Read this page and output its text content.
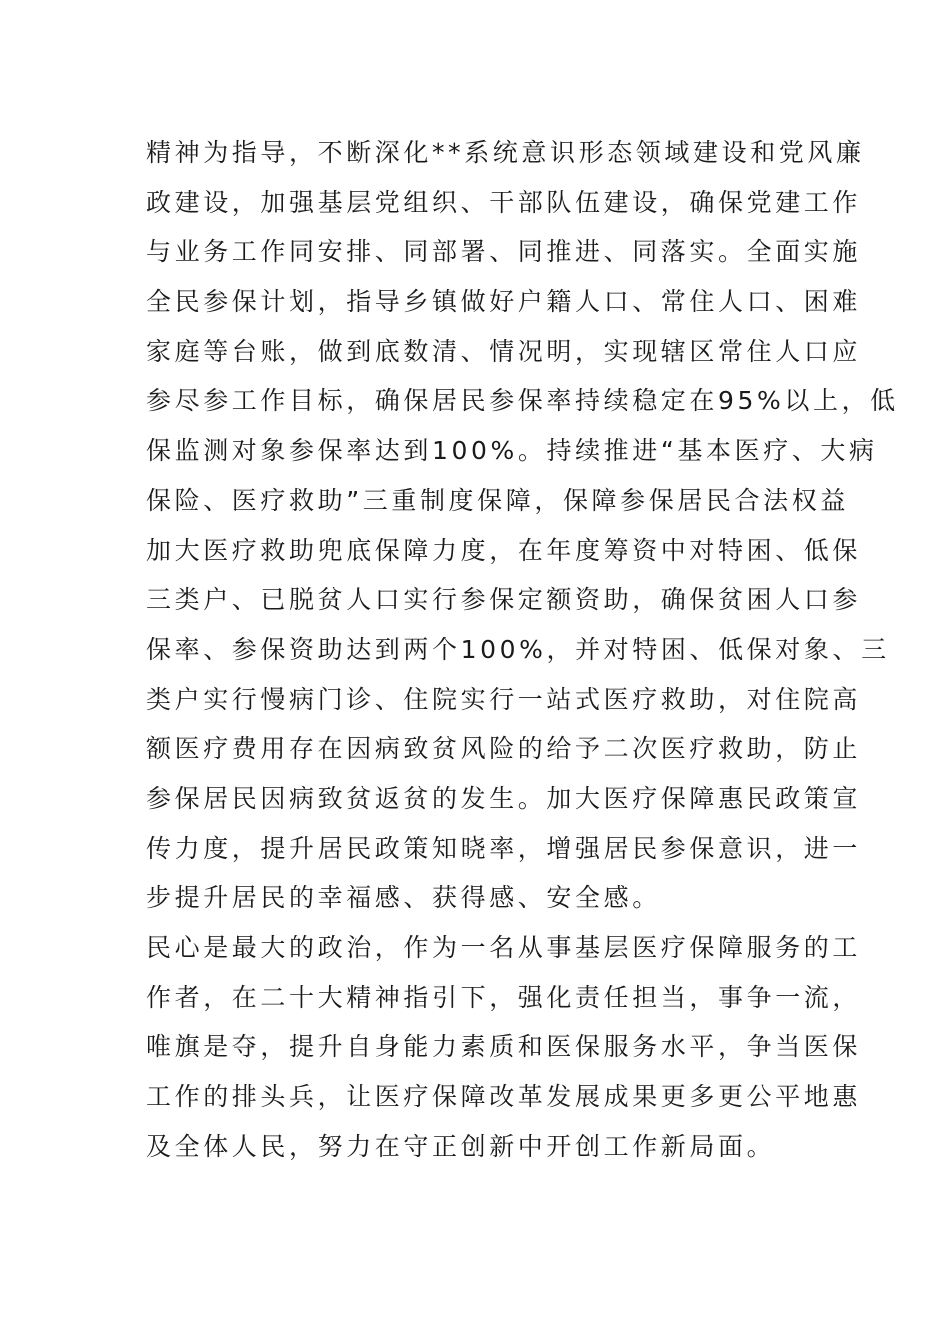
精神为指导，不断深化**系统意识形态领域建设和党风廉
政建设，加强基层党组织、干部队伍建设，确保党建工作
与业务工作同安排、同部署、同推进、同落实。全面实施
全民参保计划，指导乡镇做好户籍人口、常住人口、困难
家庭等台账，做到底数清、情况明，实现辖区常住人口应
参尽参工作目标，确保居民参保率持续稳定在95%以上，低
保监测对象参保率达到100%。持续推进“基本医疗、大病
保险、医疗救助”三重制度保障，保障参保居民合法权益
加大医疗救助兜底保障力度，在年度筹资中对特困、低保
三类户、已脱贫人口实行参保定额资助，确保贫困人口参
保率、参保资助达到两个100%，并对特困、低保对象、三
类户实行慢病门诊、住院实行一站式医疗救助，对住院高
额医疗费用存在因病致贫风险的给予二次医疗救助，防止
参保居民因病致贫返贫的发生。加大医疗保障惠民政策宣
传力度，提升居民政策知晓率，增强居民参保意识，进一
步提升居民的幸福感、获得感、安全感。
民心是最大的政治，作为一名从事基层医疗保障服务的工
作者，在二十大精神指引下，强化责任担当，事争一流，
唯旗是夺，提升自身能力素质和医保服务水平，争当医保
工作的排头兵，让医疗保障改革发展成果更多更公平地惠
及全体人民，努力在守正创新中开创工作新局面。
